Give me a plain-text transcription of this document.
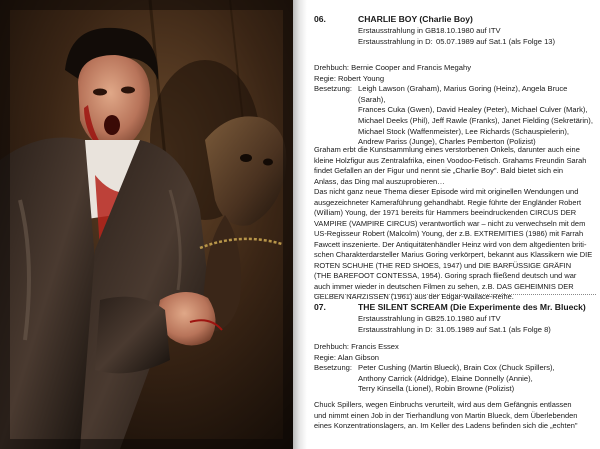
06.	CHARLIE BOY (Charlie Boy)
Erstausstrahlung in GB:18.10.1980 auf ITV
Erstausstrahlung in D: 05.07.1989 auf Sat.1 (als Folge 13)
Drehbuch: Bernie Cooper and Francis Megahy
Regie: Robert Young
Besetzung: Leigh Lawson (Graham), Marius Goring (Heinz), Angela Bruce (Sarah),
Frances Cuka (Gwen), David Healey (Peter), Michael Culver (Mark),
Michael Deeks (Phil), Jeff Rawle (Franks), Janet Fielding (Sekretärin),
Michael Stock (Waffenmeister), Lee Richards (Schauspielerin),
Andrew Pariss (Junge), Charles Pemberton (Polizist)
Graham erbt die Kunstsammlung eines verstorbenen Onkels, darunter auch eine
kleine Holzfigur aus Zentralafrika, einen Voodoo-Fetisch. Grahams Freundin Sarah
findet Gefallen an der Figur und nennt sie „Charlie Boy". Bald bietet sich ein
Anlass, das Ding mal auszuprobieren…
Das nicht ganz neue Thema dieser Episode wird mit originellen Wendungen und
ausgezeichneter Kameraführung gehandhabt. Regie führte der Engländer Robert
(William) Young, der 1971 bereits für Hammers beeindruckenden CIRCUS DER
VAMPIRE (VAMPIRE CIRCUS) verantwortlich war – nicht zu verwechseln mit dem
US-Regisseur Robert (Malcolm) Young, der z.B. EXTREMITIES (1986) mit Farrah
Fawcett inszenierte. Der Antiquitätenhändler Heinz wird von dem altgedienten briti-
schen Charakterdarsteller Marius Goring verkörpert, bekannt aus Klassikern wie DIE
ROTEN SCHUHE (THE RED SHOES, 1947) und DIE BARFÜSSIGE GRÄFIN
(THE BAREFOOT CONTESSA, 1954). Goring sprach fließend deutsch und war
auch immer wieder in deutschen Filmen zu sehen, z.B. DAS GEHEIMNIS DER
GELBEN NARZISSEN (1961) aus der Edgar-Wallace-Reihe.
07.	THE SILENT SCREAM (Die Experimente des Mr. Blueck)
Erstausstrahlung in GB:25.10.1980 auf ITV
Erstausstrahlung in D: 31.05.1989 auf Sat.1 (als Folge 8)
Drehbuch: Francis Essex
Regie: Alan Gibson
Besetzung: Peter Cushing (Martin Blueck), Brain Cox (Chuck Spillers),
Anthony Carrick (Aldridge), Elaine Donnelly (Annie),
Terry Kinsella (Lionel), Robin Browne (Polizist)
Chuck Spillers, wegen Einbruchs verurteilt, wird aus dem Gefängnis entlassen
und nimmt einen Job in der Tierhandlung von Martin Blueck, dem Überlebenden
eines Konzentrationslagers, an. Im Keller des Ladens befinden sich die „echten"
